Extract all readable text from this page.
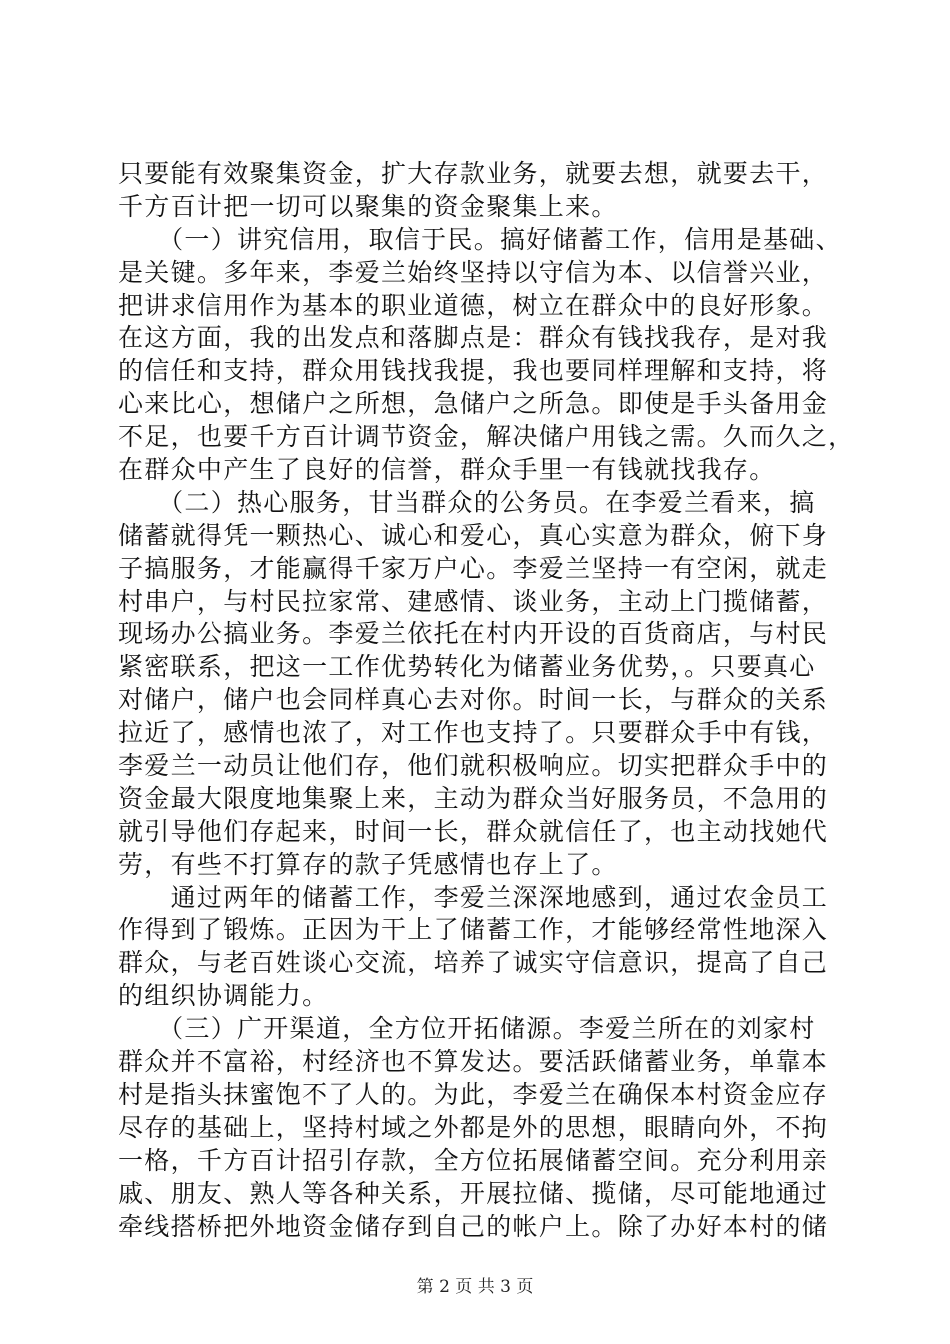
只要能有效聚集资金，扩大存款业务，就要去想，就要去干，
千方百计把一切可以聚集的资金聚集上来。
　　（一）讲究信用，取信于民。搞好储蓄工作，信用是基础、
是关键。多年来，李爱兰始终坚持以守信为本、以信誉兴业，
把讲求信用作为基本的职业道德，树立在群众中的良好形象。
在这方面，我的出发点和落脚点是：群众有钱找我存，是对我
的信任和支持，群众用钱找我提，我也要同样理解和支持，将
心来比心，想储户之所想，急储户之所急。即使是手头备用金
不足，也要千方百计调节资金，解决储户用钱之需。久而久之，
在群众中产生了良好的信誉，群众手里一有钱就找我存。
　　（二）热心服务，甘当群众的公务员。在李爱兰看来，搞
储蓄就得凭一颗热心、诚心和爱心，真心实意为群众，俯下身
子搞服务，才能赢得千家万户心。李爱兰坚持一有空闲，就走
村串户，与村民拉家常、建感情、谈业务，主动上门揽储蓄，
现场办公搞业务。李爱兰依托在村内开设的百货商店，与村民
紧密联系，把这一工作优势转化为储蓄业务优势，。只要真心
对储户，储户也会同样真心去对你。时间一长，与群众的关系
拉近了，感情也浓了，对工作也支持了。只要群众手中有钱，
李爱兰一动员让他们存，他们就积极响应。切实把群众手中的
资金最大限度地集聚上来，主动为群众当好服务员，不急用的
就引导他们存起来，时间一长，群众就信任了，也主动找她代
劳，有些不打算存的款子凭感情也存上了。
　　通过两年的储蓄工作，李爱兰深深地感到，通过农金员工
作得到了锻炼。正因为干上了储蓄工作，才能够经常性地深入
群众，与老百姓谈心交流，培养了诚实守信意识，提高了自己
的组织协调能力。
　　（三）广开渠道，全方位开拓储源。李爱兰所在的刘家村
群众并不富裕，村经济也不算发达。要活跃储蓄业务，单靠本
村是指头抹蜜饱不了人的。为此，李爱兰在确保本村资金应存
尽存的基础上，坚持村域之外都是外的思想，眼睛向外，不拘
一格，千方百计招引存款，全方位拓展储蓄空间。充分利用亲
戚、朋友、熟人等各种关系，开展拉储、揽储，尽可能地通过
牵线搭桥把外地资金储存到自己的帐户上。除了办好本村的储
第 2 页 共 3 页
